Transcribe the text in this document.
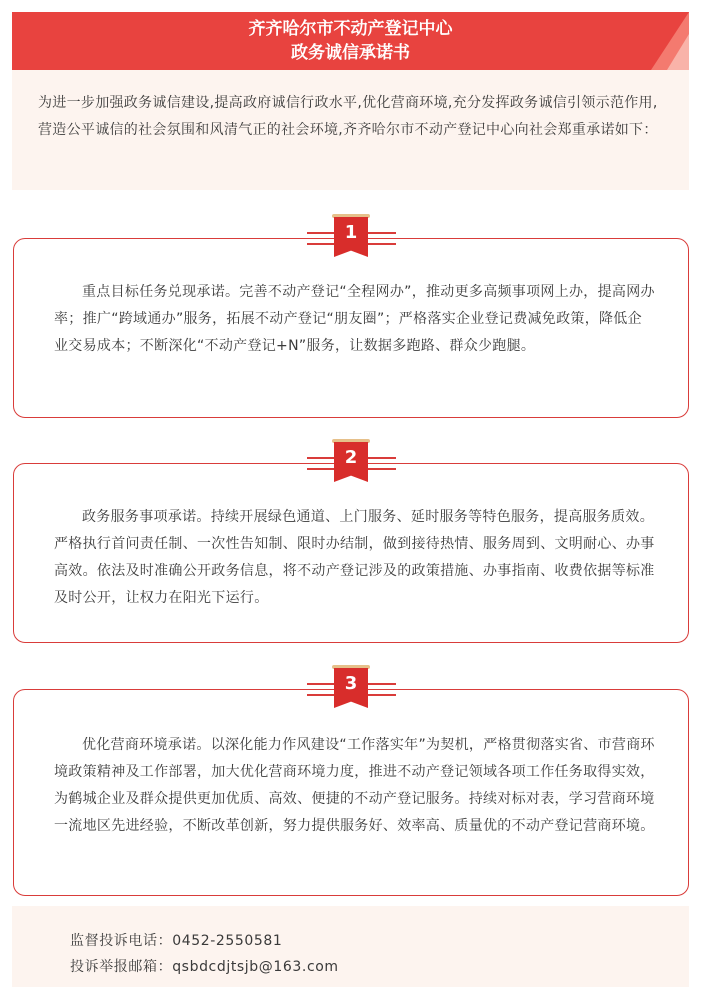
齐齐哈尔市不动产登记中心
政务诚信承诺书

为进一步加强政务诚信建设,提高政府诚信行政水平,优化营商环境,充分发挥政务诚信引领示范作用,营造公平诚信的社会氛围和风清气正的社会环境,齐齐哈尔市不动产登记中心向社会郑重承诺如下：

重点目标任务兑现承诺。完善不动产登记“全程网办”，推动更多高频事项网上办，提高网办率；推广“跨域通办”服务，拓展不动产登记“朋友圈”；严格落实企业登记费减免政策，降低企业交易成本；不断深化“不动产登记+N”服务，让数据多跑路、群众少跑腿。

1

政务服务事项承诺。持续开展绿色通道、上门服务、延时服务等特色服务，提高服务质效。严格执行首问责任制、一次性告知制、限时办结制，做到接待热情、服务周到、文明耐心、办事高效。依法及时准确公开政务信息，将不动产登记涉及的政策措施、办事指南、收费依据等标准及时公开，让权力在阳光下运行。

2

优化营商环境承诺。以深化能力作风建设“工作落实年”为契机，严格贯彻落实省、市营商环境政策精神及工作部署，加大优化营商环境力度，推进不动产登记领域各项工作任务取得实效，为鹤城企业及群众提供更加优质、高效、便捷的不动产登记服务。持续对标对表，学习营商环境一流地区先进经验，不断改革创新，努力提供服务好、效率高、质量优的不动产登记营商环境。

3
监督投诉电话：0452-2550581
投诉举报邮箱：qsbdcdjtsjb@163.com
